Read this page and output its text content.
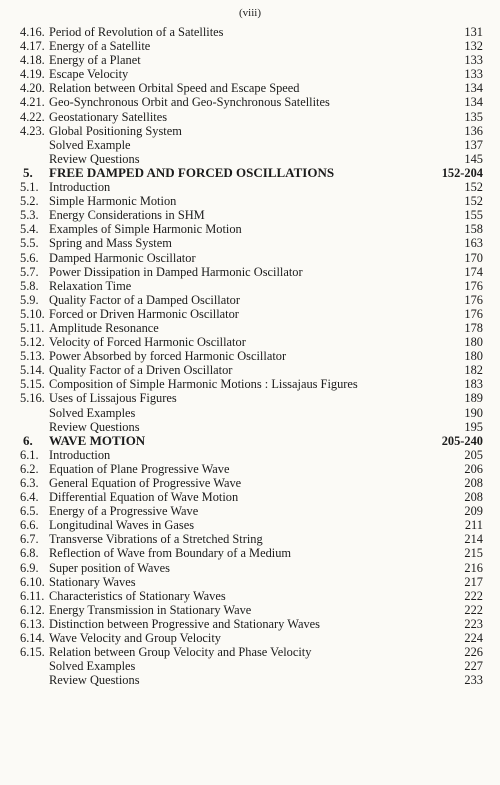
(viii)
4.16. Period of Revolution of a Satellites	131
4.17. Energy of a Satellite	132
4.18. Energy of a Planet	133
4.19. Escape Velocity	133
4.20. Relation between Orbital Speed and Escape Speed	134
4.21. Geo-Synchronous Orbit and Geo-Synchronous Satellites	134
4.22. Geostationary Satellites	135
4.23. Global Positioning System	136
Solved Example	137
Review Questions	145
5. FREE DAMPED AND FORCED OSCILLATIONS	152-204
5.1. Introduction	152
5.2. Simple Harmonic Motion	152
5.3. Energy Considerations in SHM	155
5.4. Examples of Simple Harmonic Motion	158
5.5. Spring and Mass System	163
5.6. Damped Harmonic Oscillator	170
5.7. Power Dissipation in Damped Harmonic Oscillator	174
5.8. Relaxation Time	176
5.9. Quality Factor of a Damped Oscillator	176
5.10. Forced or Driven Harmonic Oscillator	176
5.11. Amplitude Resonance	178
5.12. Velocity of Forced Harmonic Oscillator	180
5.13. Power Absorbed by forced Harmonic Oscillator	180
5.14. Quality Factor of a Driven Oscillator	182
5.15. Composition of Simple Harmonic Motions : Lissajaus Figures	183
5.16. Uses of Lissajous Figures	189
Solved Examples	190
Review Questions	195
6. WAVE MOTION	205-240
6.1. Introduction	205
6.2. Equation of Plane Progressive Wave	206
6.3. General Equation of Progressive Wave	208
6.4. Differential Equation of Wave Motion	208
6.5. Energy of a Progressive Wave	209
6.6. Longitudinal Waves in Gases	211
6.7. Transverse Vibrations of a Stretched String	214
6.8. Reflection of Wave from Boundary of a Medium	215
6.9. Super position of Waves	216
6.10. Stationary Waves	217
6.11. Characteristics of Stationary Waves	222
6.12. Energy Transmission in Stationary Wave	222
6.13. Distinction between Progressive and Stationary Waves	223
6.14. Wave Velocity and Group Velocity	224
6.15. Relation between Group Velocity and Phase Velocity	226
Solved Examples	227
Review Questions	233
